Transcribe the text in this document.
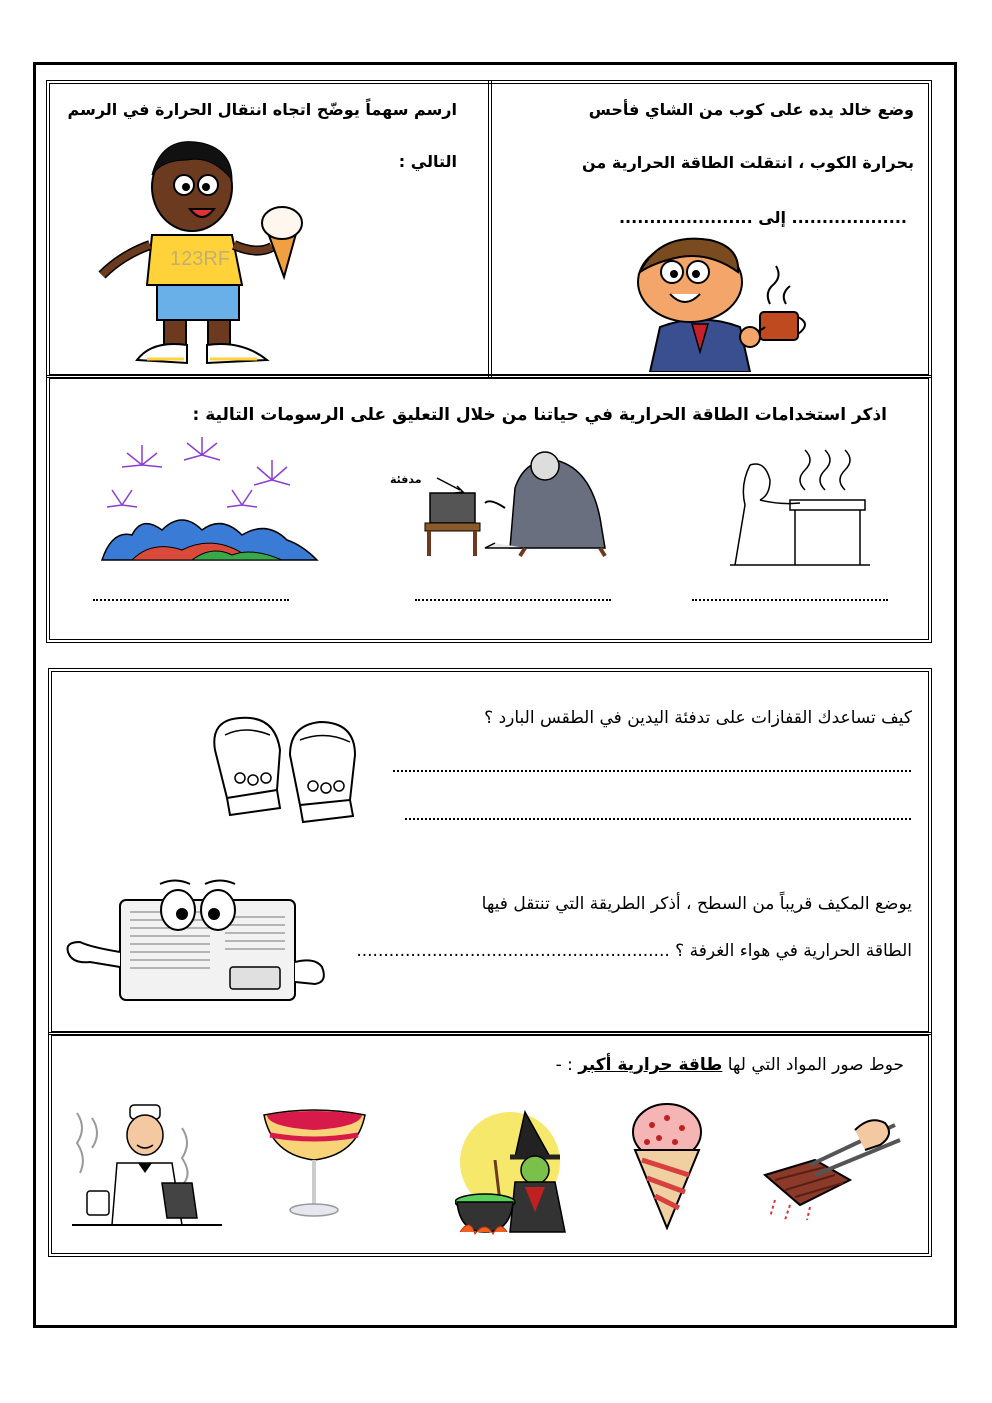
وضع خالد يده على كوب من الشاي فأحس
بحرارة الكوب ، انتقلت الطاقة الحرارية من
................... إلى ......................
ارسم سهماً يوضّح اتجاه انتقال الحرارة في الرسم
التالي :
123RF
اذكر استخدامات الطاقة الحرارية في حياتنا من خلال التعليق على الرسومات التالية :
مدفئة
كيف تساعدك القفازات على تدفئة اليدين في الطقس البارد ؟
يوضع المكيف قريباً من السطح ، أذكر الطريقة التي تنتقل فيها
الطاقة الحرارية في هواء الغرفة ؟ ..........................................................
حوط صور المواد التي لها طاقة حرارية أكبر : -
